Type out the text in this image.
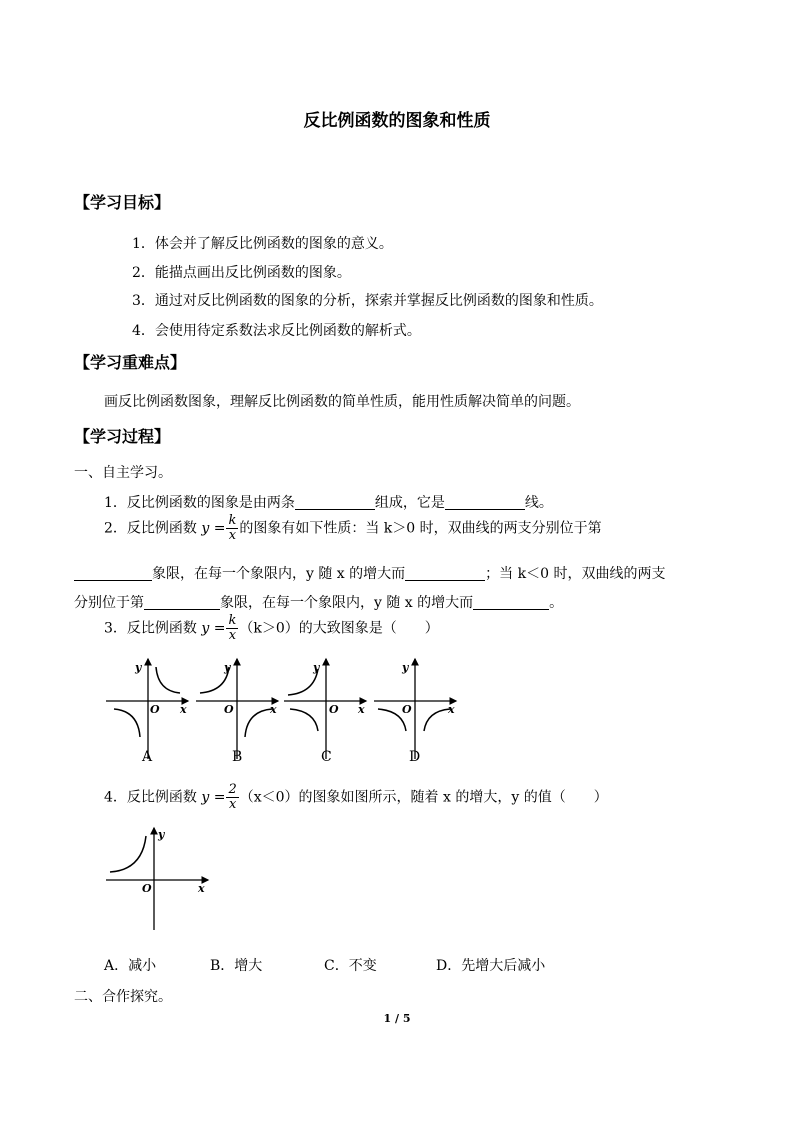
反比例函数的图象和性质
【学习目标】
1．体会并了解反比例函数的图象的意义。
2．能描点画出反比例函数的图象。
3．通过对反比例函数的图象的分析，探索并掌握反比例函数的图象和性质。
4．会使用待定系数法求反比例函数的解析式。
【学习重难点】
画反比例函数图象，理解反比例函数的简单性质，能用性质解决简单的问题。
【学习过程】
一、自主学习。
1．反比例函数的图象是由两条	组成，它是	线。
2．反比例函数 $y = \frac{k}{x}$ 的图象有如下性质：当 k＞0 时，双曲线的两支分别位于第
象限，在每一个象限内，y 随 x 的增大而	；当 k＜0 时，双曲线的两支
分别位于第	象限，在每一个象限内，y 随 x 的增大而	。
3．反比例函数 $y = \frac{k}{x} (k>0)$的大致图象是（　　）
y
x
O
A
y
x
O
B
y
x
O
C
y
x
O
D
4．反比例函数 $y = \frac{2}{x} (x<0)$的图象如图所示，随着 x 的增大，y 的值（　　）
y
x
O
A．减小	B．增大	C．不变	D．先增大后减小
二、合作探究。
1 / 5
